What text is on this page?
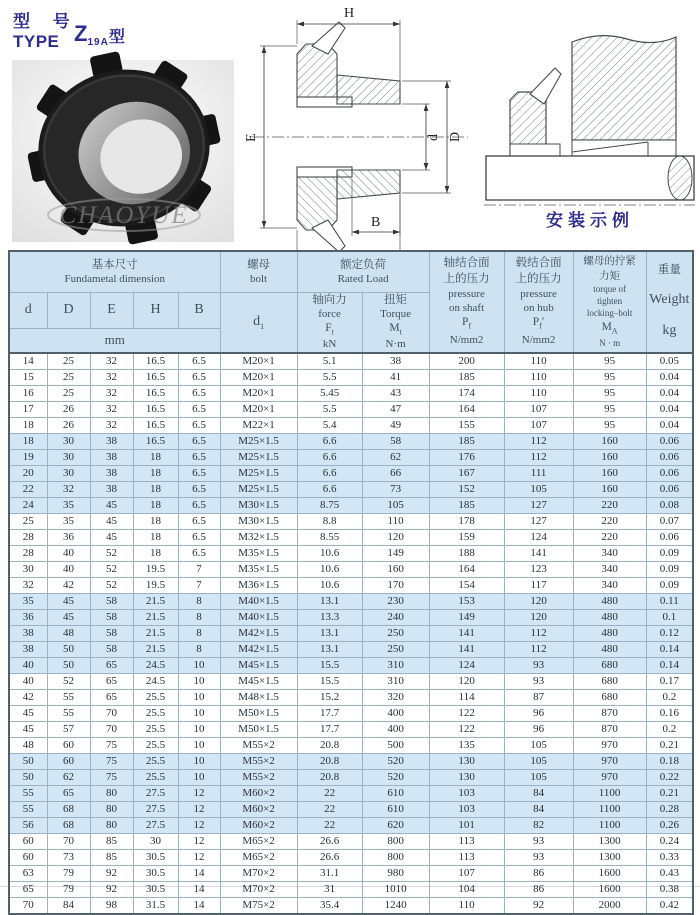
型 号
TYPE $Z_{19A}$型
CHAOYUE
H
E	d D
B	安装示例
基本尺寸
Fundametal dimension

螺母
bolt

额定负荷
Rated Load

轴结合面
上的压力
pressure
on shaft
$P_f$
N/mm2

毂结合面
上的压力
pressure
on hub
$P_f'$
N/mm2

螺母的拧紧
力矩
torque of
tighten
locking–bolt
$M_A$
N · m

重量
Weight
kg

d	D	E	H	B	
$d_1$

轴向力
force
$F_t$
kN

扭矩
Torque
$M_t$
N·m

mm											
14	25	32	16.5	6.5	M20×1	5.1	38	200	110	95	0.05
15	25	32	16.5	6.5	M20×1	5.5	41	185	110	95	0.04
16	25	32	16.5	6.5	M20×1	5.45	43	174	110	95	0.04
17	26	32	16.5	6.5	M20×1	5.5	47	164	107	95	0.04
18	26	32	16.5	6.5	M22×1	5.4	49	155	107	95	0.04
18	30	38	16.5	6.5	M25×1.5	6.6	58	185	112	160	0.06
19	30	38	18	6.5	M25×1.5	6.6	62	176	112	160	0.06
20	30	38	18	6.5	M25×1.5	6.6	66	167	111	160	0.06
22	32	38	18	6.5	M25×1.5	6.6	73	152	105	160	0.06
24	35	45	18	6.5	M30×1.5	8.75	105	185	127	220	0.08
25	35	45	18	6.5	M30×1.5	8.8	110	178	127	220	0.07
28	36	45	18	6.5	M32×1.5	8.55	120	159	124	220	0.06
28	40	52	18	6.5	M35×1.5	10.6	149	188	141	340	0.09
30	40	52	19.5	7	M35×1.5	10.6	160	164	123	340	0.09
32	42	52	19.5	7	M36×1.5	10.6	170	154	117	340	0.09
35	45	58	21.5	8	M40×1.5	13.1	230	153	120	480	0.11
36	45	58	21.5	8	M40×1.5	13.3	240	149	120	480	0.1
38	48	58	21.5	8	M42×1.5	13.1	250	141	112	480	0.12
38	50	58	21.5	8	M42×1.5	13.1	250	141	112	480	0.14
40	50	65	24.5	10	M45×1.5	15.5	310	124	93	680	0.14
40	52	65	24.5	10	M45×1.5	15.5	310	120	93	680	0.17
42	55	65	25.5	10	M48×1.5	15.2	320	114	87	680	0.2
45	55	70	25.5	10	M50×1.5	17.7	400	122	96	870	0.16
45	57	70	25.5	10	M50×1.5	17.7	400	122	96	870	0.2
48	60	75	25.5	10	M55×2	20.8	500	135	105	970	0.21
50	60	75	25.5	10	M55×2	20.8	520	130	105	970	0.18
50	62	75	25.5	10	M55×2	20.8	520	130	105	970	0.22
55	65	80	27.5	12	M60×2	22	610	103	84	1100	0.21
55	68	80	27.5	12	M60×2	22	610	103	84	1100	0.28
56	68	80	27.5	12	M60×2	22	620	101	82	1100	0.26
60	70	85	30	12	M65×2	26.6	800	113	93	1300	0.24
60	73	85	30.5	12	M65×2	26.6	800	113	93	1300	0.33
63	79	92	30.5	14	M70×2	31.1	980	107	86	1600	0.43
65	79	92	30.5	14	M70×2	31	1010	104	86	1600	0.38
70	84	98	31.5	14	M75×2	35.4	1240	110	92	2000	0.42
